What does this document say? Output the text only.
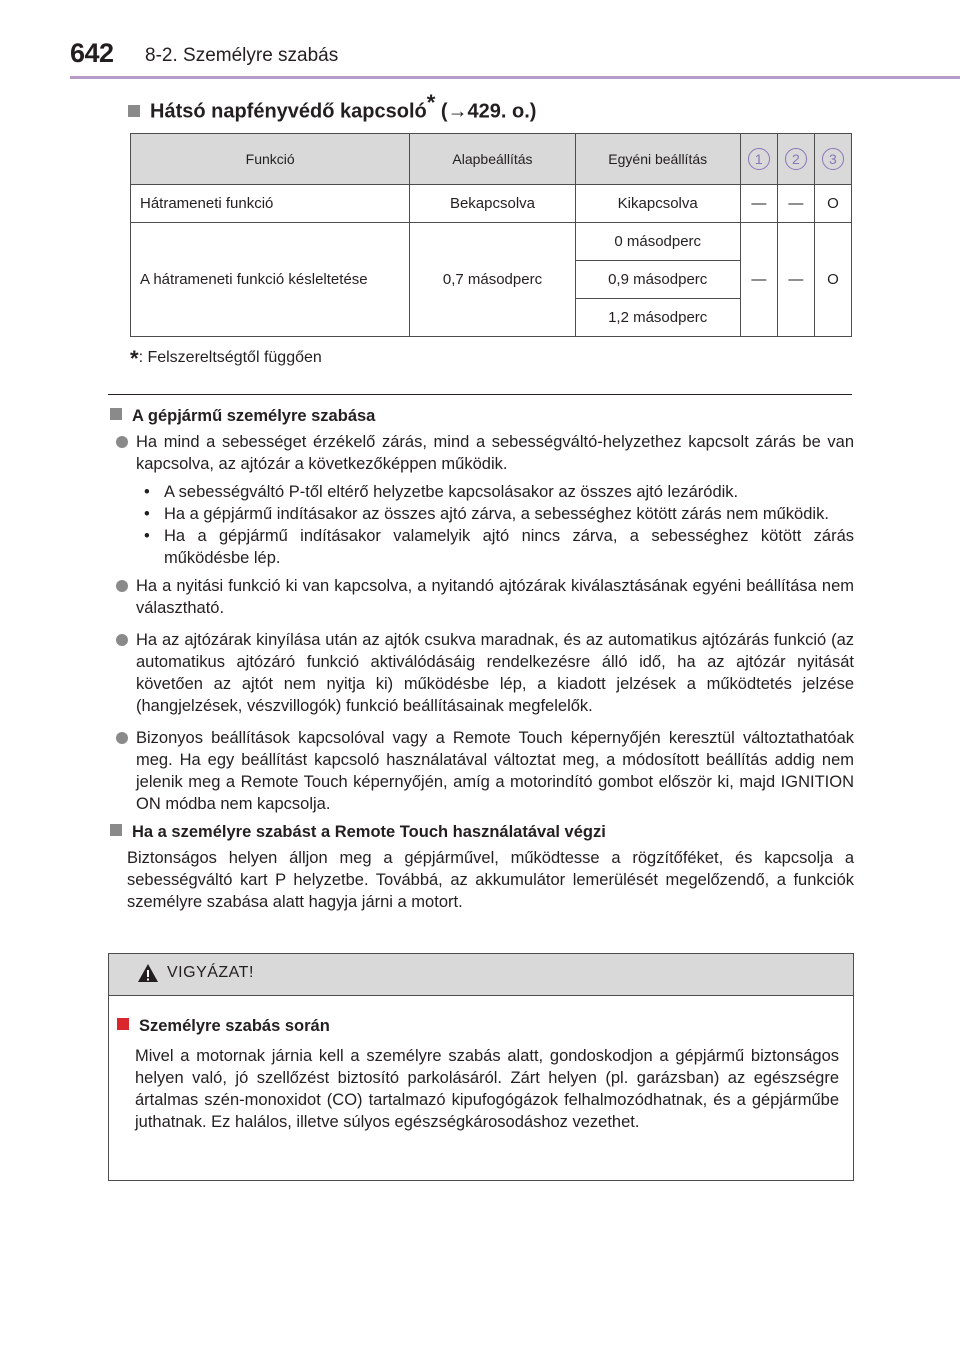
642 8-2. Személyre szabás
Hátsó napfényvédő kapcsoló* (→429. o.)
Funkció	Alapbeállítás	Egyéni beállítás	1	2	3
Hátrameneti funkció	Bekapcsolva	Kikapcsolva	—	—	O
A hátrameneti funkció késleltetése	0,7 másodperc	0 másodperc	—	—	O
		0,9 másodperc			
		1,2 másodperc			
*: Felszereltségtől függően
A gépjármű személyre szabása
Ha mind a sebességet érzékelő zárás, mind a sebességváltó-helyzethez kapcsolt zárás be van kapcsolva, az ajtózár a következőképpen működik.
• A sebességváltó P-től eltérő helyzetbe kapcsolásakor az összes ajtó lezáródik.
• Ha a gépjármű indításakor az összes ajtó zárva, a sebességhez kötött zárás nem működik.
• Ha a gépjármű indításakor valamelyik ajtó nincs zárva, a sebességhez kötött zárás működésbe lép.
Ha a nyitási funkció ki van kapcsolva, a nyitandó ajtózárak kiválasztásának egyéni beállítása nem választható.
Ha az ajtózárak kinyílása után az ajtók csukva maradnak, és az automatikus ajtózárás funkció (az automatikus ajtózáró funkció aktiválódásáig rendelkezésre álló idő, ha az ajtózár nyitását követően az ajtót nem nyitja ki) működésbe lép, a kiadott jelzések a működtetés jelzése (hangjelzések, vészvillogók) funkció beállításainak megfelelők.
Bizonyos beállítások kapcsolóval vagy a Remote Touch képernyőjén keresztül változtathatóak meg. Ha egy beállítást kapcsoló használatával változtat meg, a módosított beállítás addig nem jelenik meg a Remote Touch képernyőjén, amíg a motorindító gombot először ki, majd IGNITION ON módba nem kapcsolja.
Ha a személyre szabást a Remote Touch használatával végzi
Biztonságos helyen álljon meg a gépjárművel, működtesse a rögzítőféket, és kapcsolja a sebességváltó kart P helyzetbe. Továbbá, az akkumulátor lemerülését megelőzendő, a funkciók személyre szabása alatt hagyja járni a motort.
VIGYÁZAT!
Személyre szabás során
Mivel a motornak járnia kell a személyre szabás alatt, gondoskodjon a gépjármű biztonságos helyen való, jó szellőzést biztosító parkolásáról. Zárt helyen (pl. garázsban) az egészségre ártalmas szén-monoxidot (CO) tartalmazó kipufogógázok felhalmozódhatnak, és a gépjárműbe juthatnak. Ez halálos, illetve súlyos egészségkárosodáshoz vezethet.
